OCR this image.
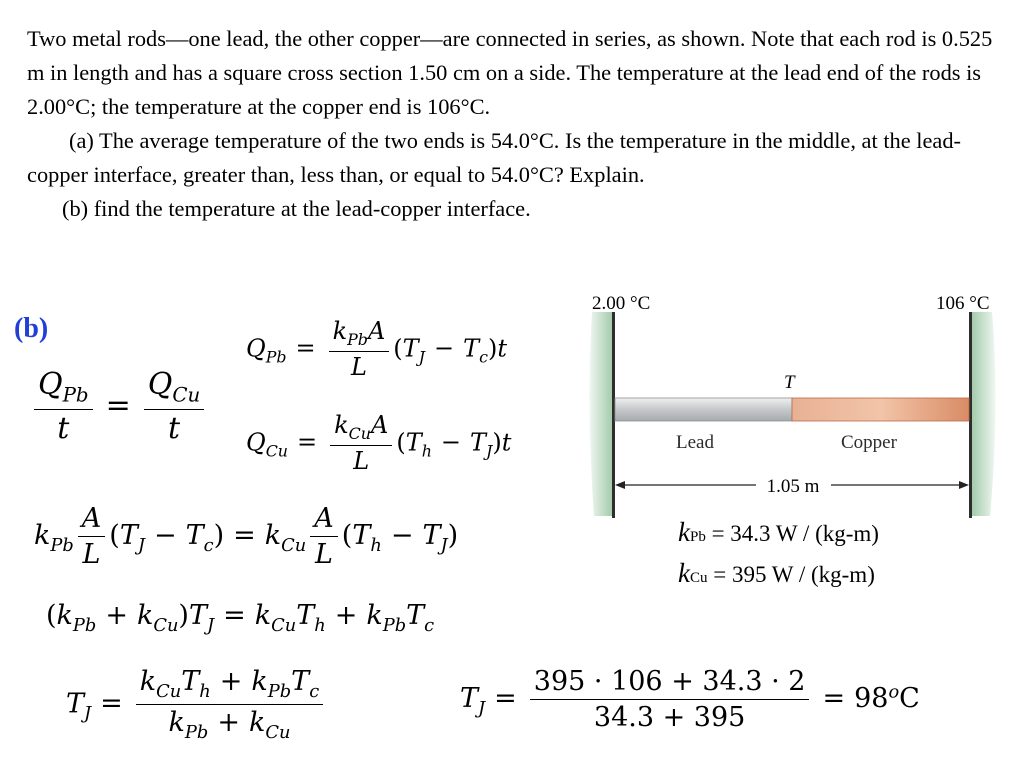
Two metal rods—one lead, the other copper—are connected in series, as shown. Note that each rod is 0.525 m in length and has a square cross section 1.50 cm on a side. The temperature at the lead end of the rods is 2.00°C; the temperature at the copper end is 106°C.

(a) The average temperature of the two ends is 54.0°C. Is the temperature in the middle, at the lead-copper interface, greater than, less than, or equal to 54.0°C? Explain.

(b) find the temperature at the lead-copper interface.

(b)
$\frac{Q_{Pb}}{t} = \frac{Q_{Cu}}{t}$
$Q_{Pb} = \frac{k_{Pb}A}{L} (T_J - T_c)t$
$Q_{Cu} = \frac{k_{Cu}A}{L} (T_h - T_J)t$
$k_{Pb} \frac{A}{L} (T_J - T_c) = k_{Cu} \frac{A}{L} (T_h - T_J)$
$(k_{Pb} + k_{Cu})T_J = k_{Cu}T_h + k_{Pb}T_c$
$T_J = \frac{k_{Cu}T_h + k_{Pb}T_c}{k_{Pb} + k_{Cu}}$	$T_J = \frac{395 \cdot 106 + 34.3 \cdot 2}{34.3 + 395} = 98^oC$
kPb = 34.3 W / (kg-m)
kCu = 395 W / (kg-m)
2.00 °C	106 °C
T
Lead	Copper
1.05 m
